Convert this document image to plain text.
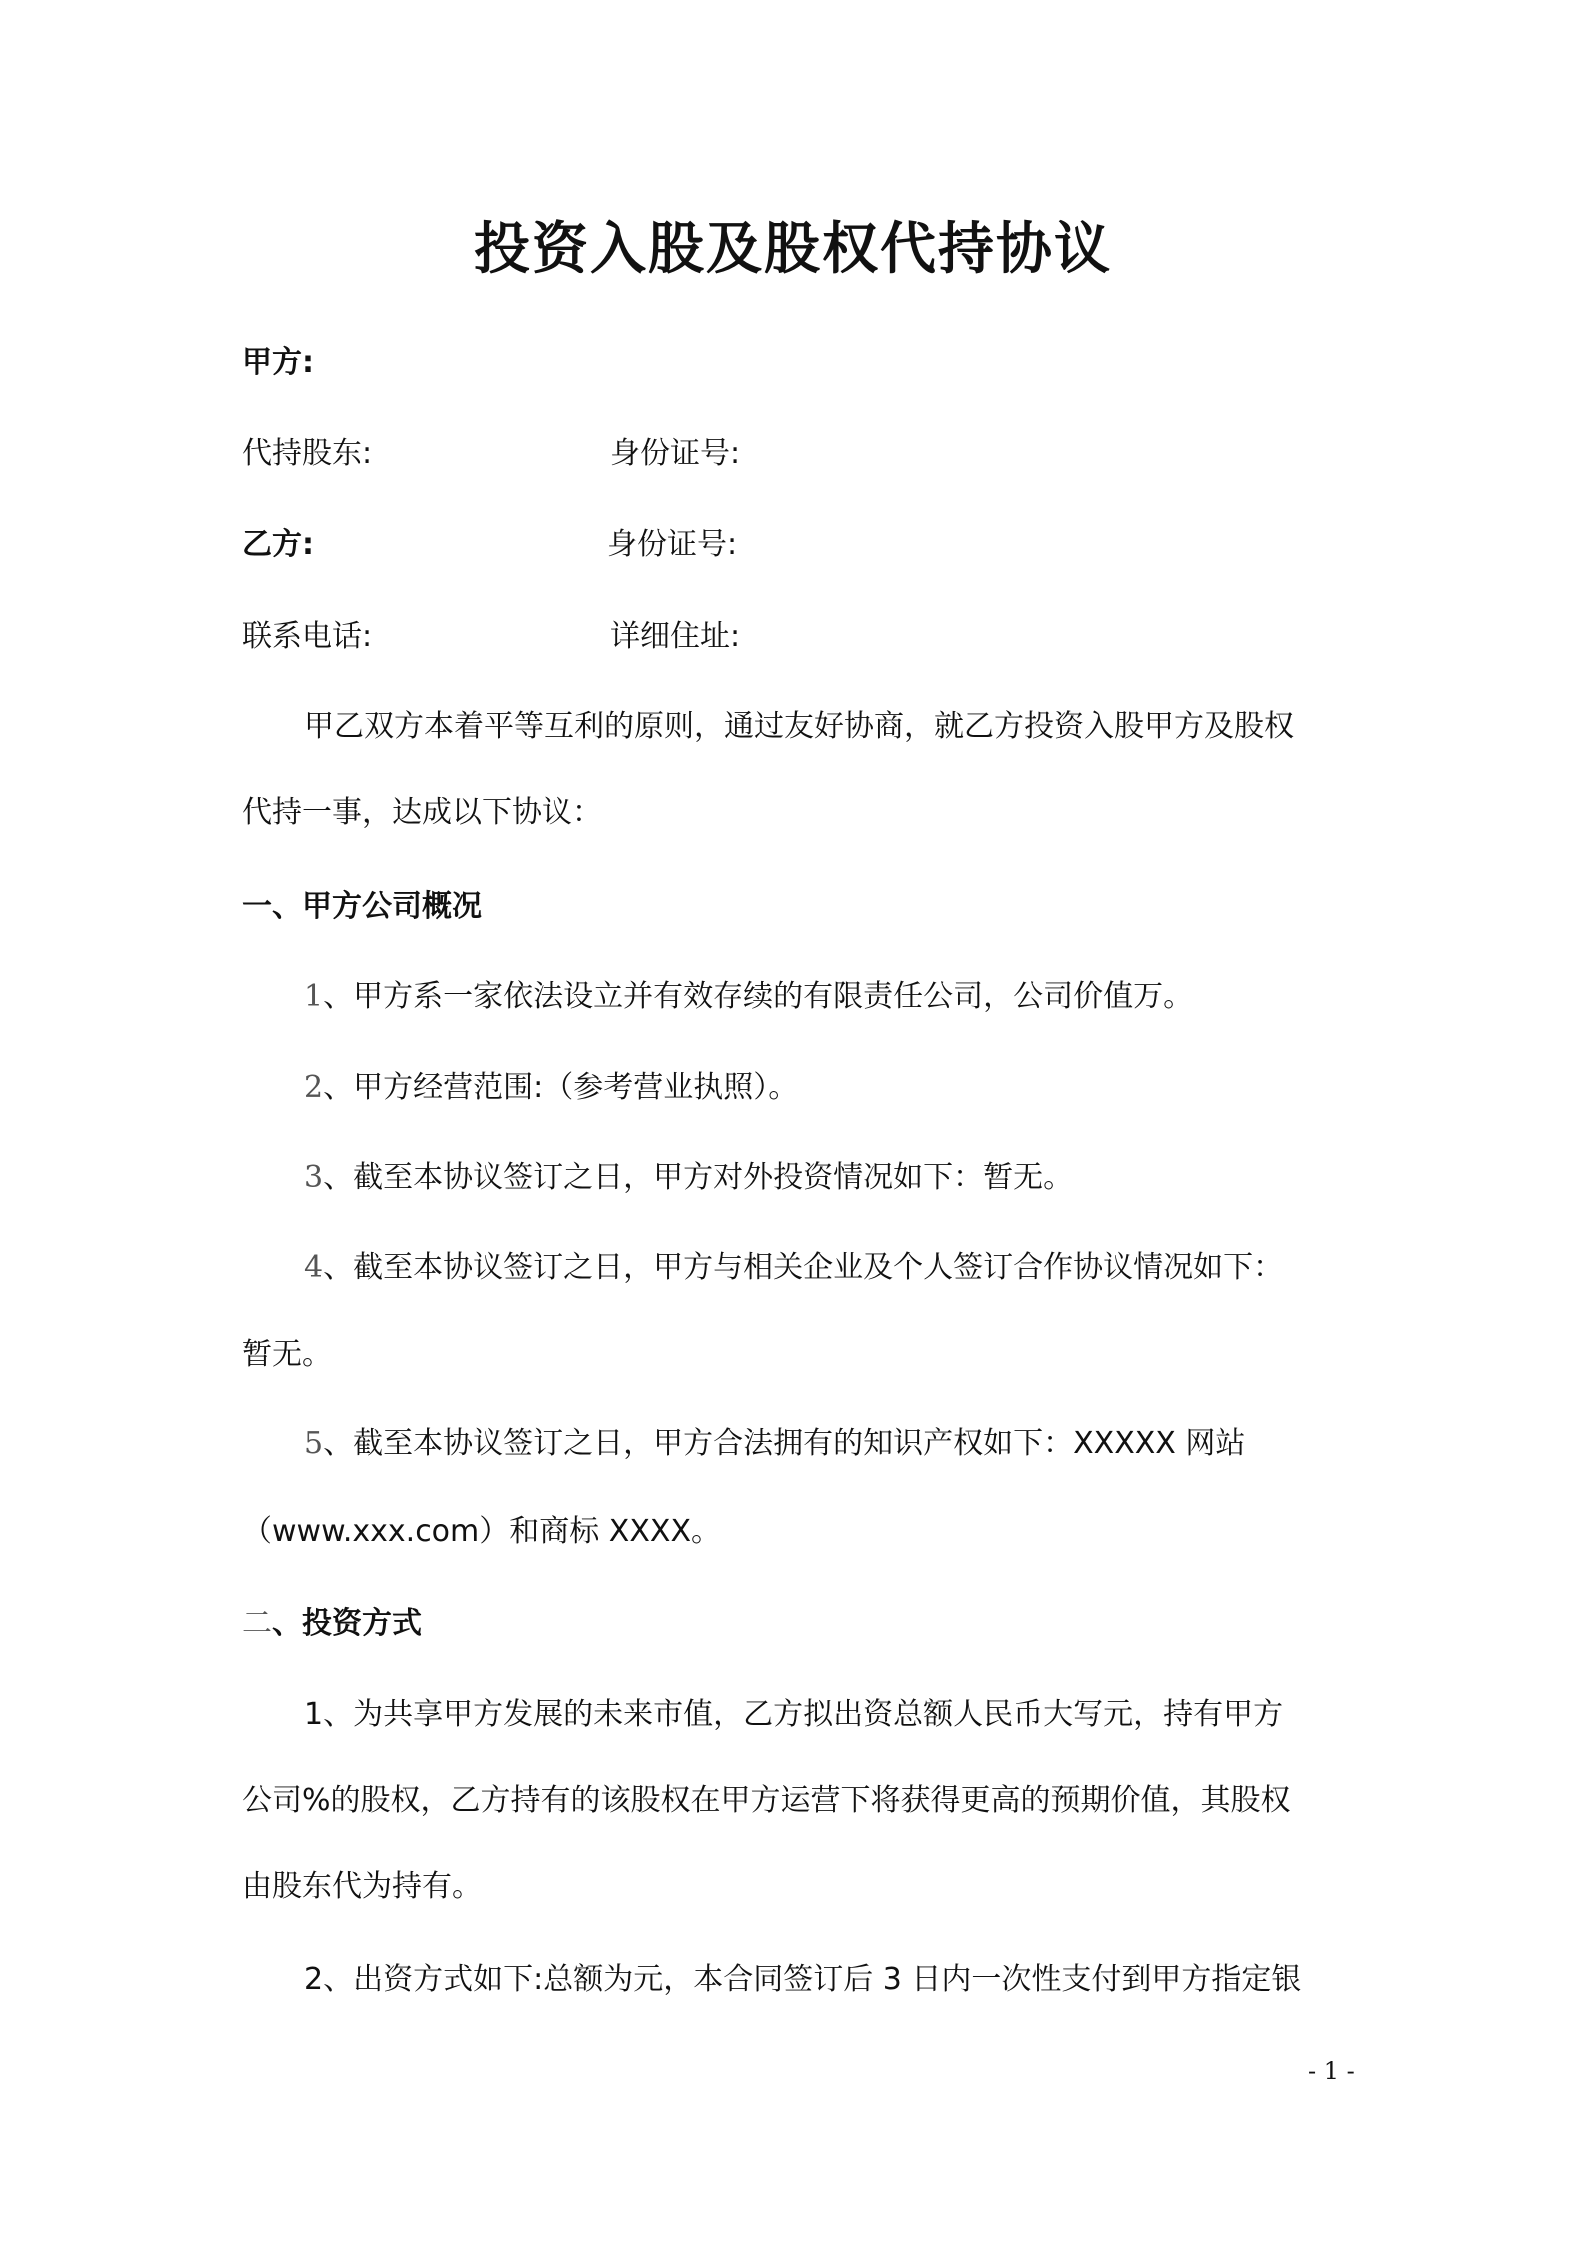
投资入股及股权代持协议
甲方:
代持股东:	身份证号:
乙方:	身份证号:
联系电话:	详细住址:
甲乙双方本着平等互利的原则，通过友好协商，就乙方投资入股甲方及股权
代持一事，达成以下协议：
一、甲方公司概况
1、甲方系一家依法设立并有效存续的有限责任公司，公司价值万。
2、甲方经营范围:（参考营业执照）。
3、截至本协议签订之日，甲方对外投资情况如下：暂无。
4、截至本协议签订之日，甲方与相关企业及个人签订合作协议情况如下：
暂无。
5、截至本协议签订之日，甲方合法拥有的知识产权如下：XXXXX 网站
（www.xxx.com）和商标 XXXX。
二、投资方式
1、为共享甲方发展的未来市值，乙方拟出资总额人民币大写元，持有甲方
公司%的股权，乙方持有的该股权在甲方运营下将获得更高的预期价值，其股权
由股东代为持有。
2、出资方式如下:总额为元，本合同签订后 3 日内一次性支付到甲方指定银
- 1 -
